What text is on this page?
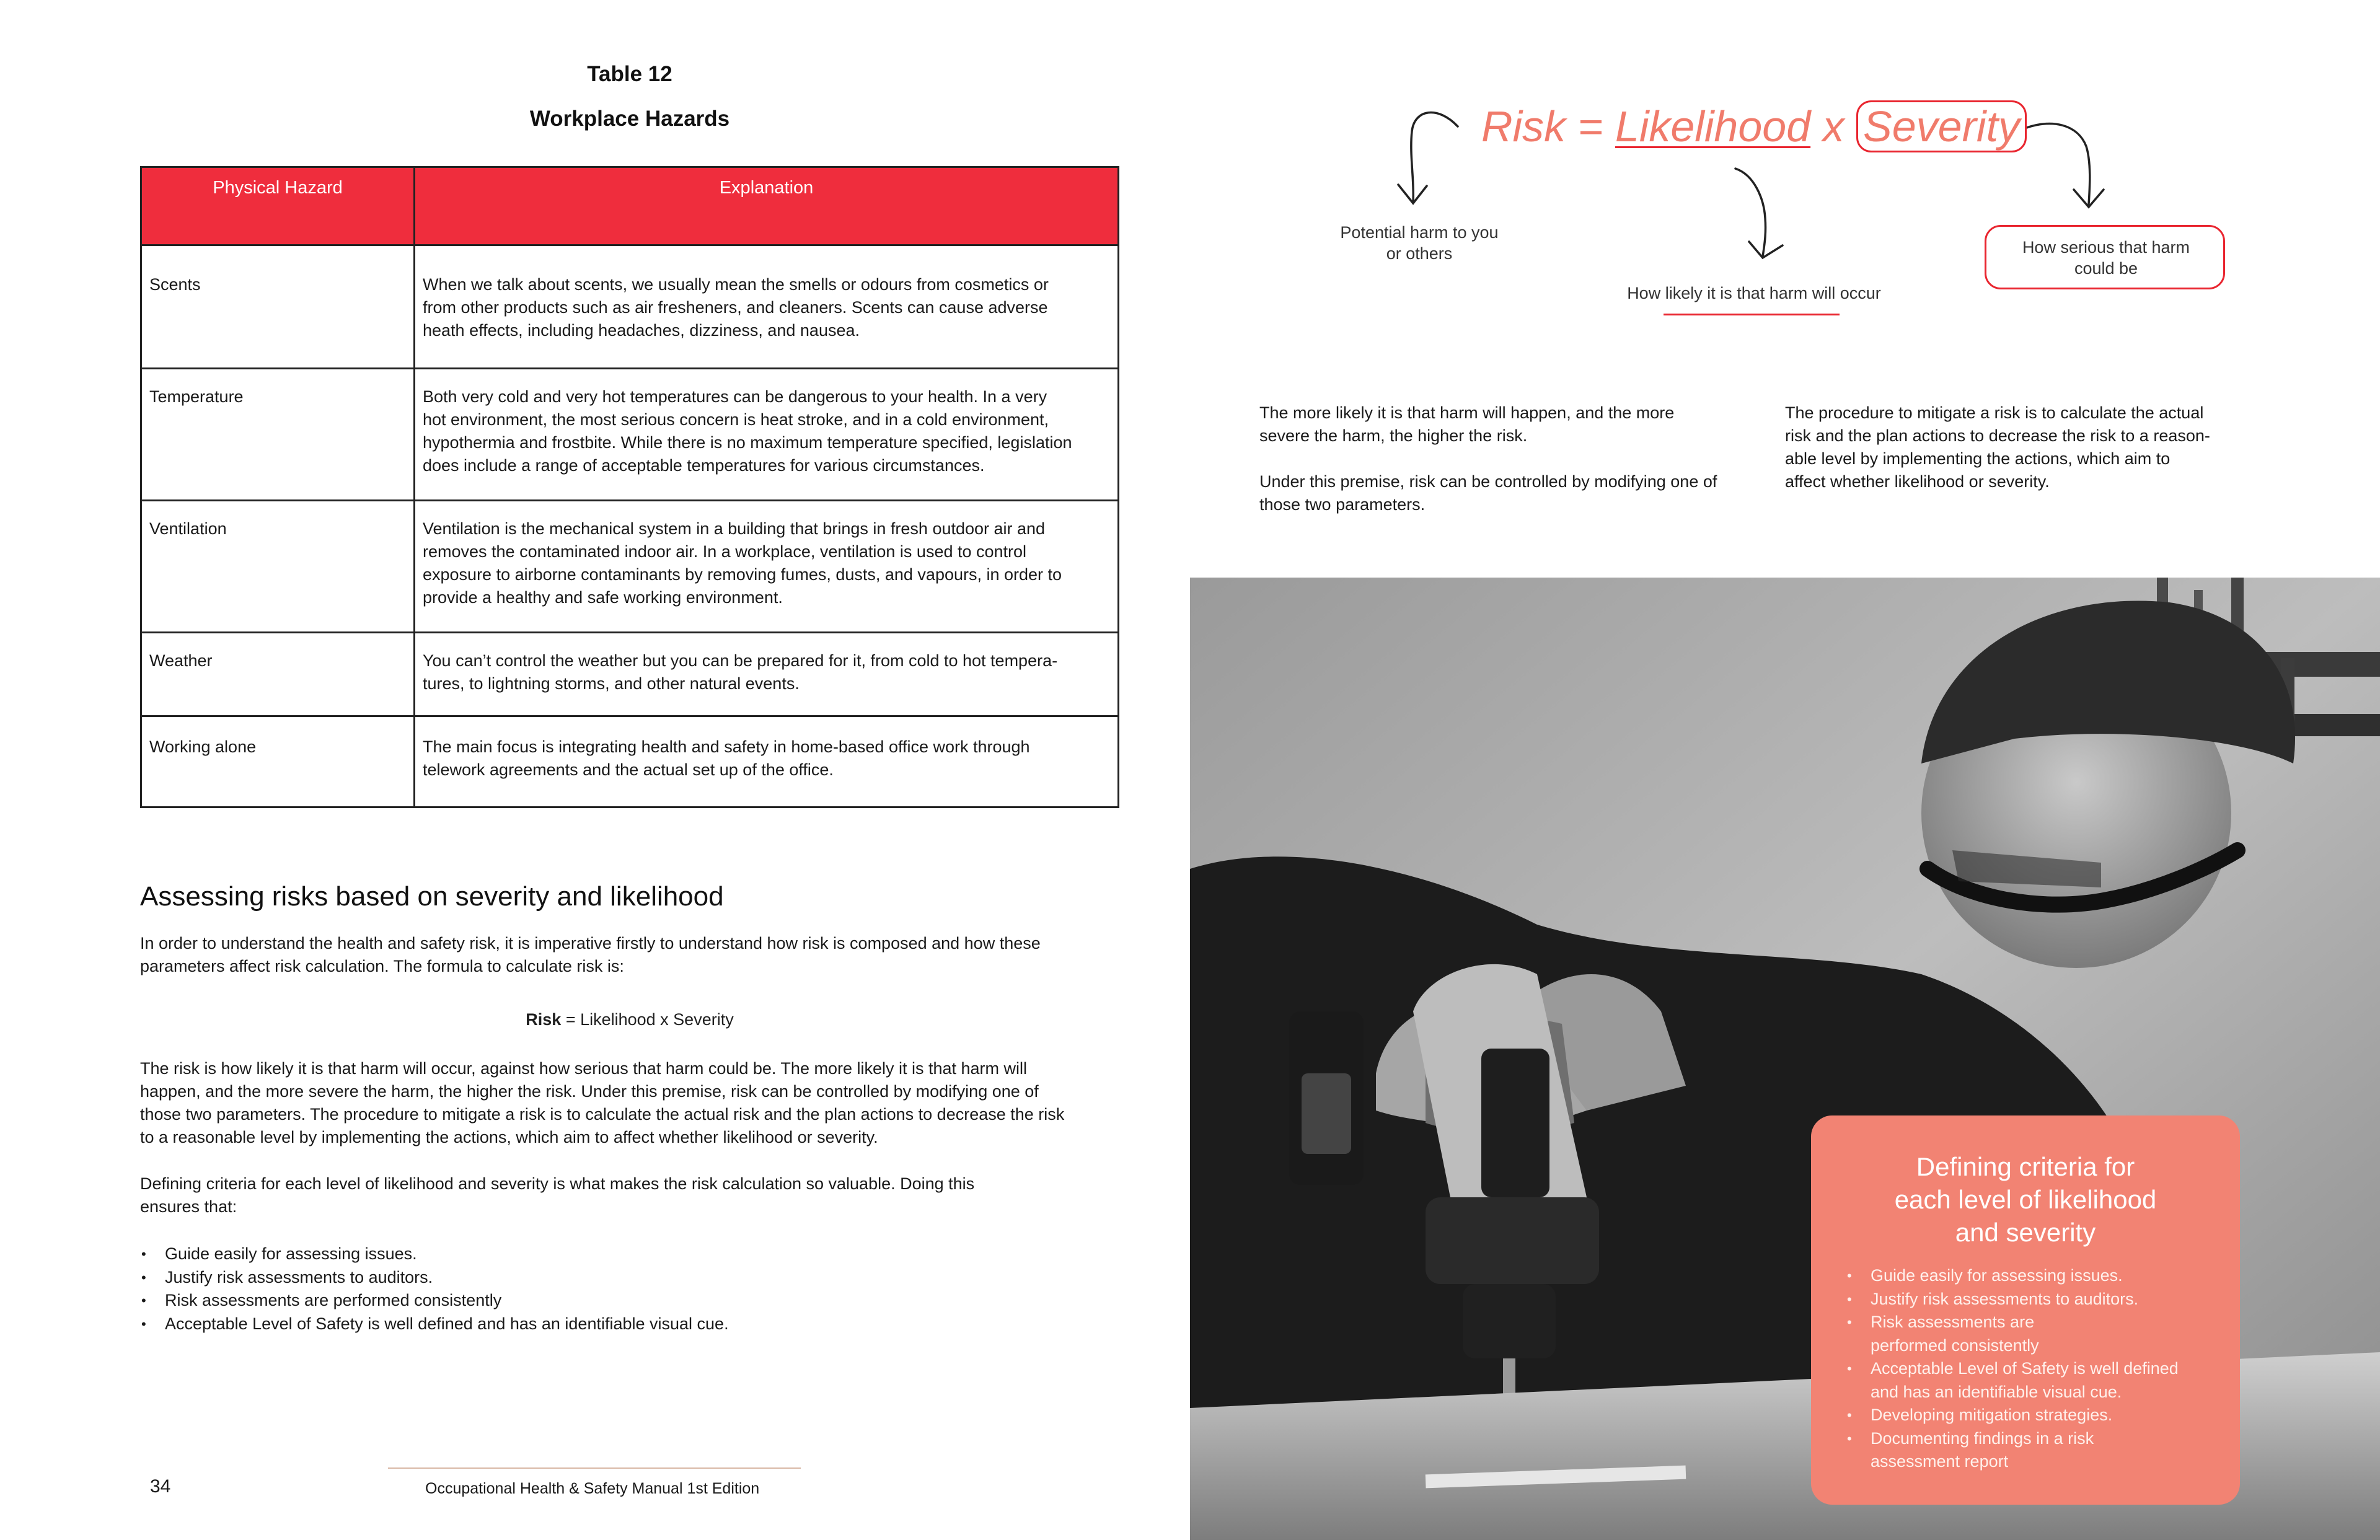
Table 12
Workplace Hazards
Physical Hazard	Explanation
Scents	When we talk about scents, we usually mean the smells or odours from cosmetics or
from other products such as air fresheners, and cleaners. Scents can cause adverse
heath effects, including headaches, dizziness, and nausea.

Temperature	Both very cold and very hot temperatures can be dangerous to your health. In a very
hot environment, the most serious concern is heat stroke, and in a cold environment,
hypothermia and frostbite. While there is no maximum temperature specified, legislation
does include a range of acceptable temperatures for various circumstances.

Ventilation	Ventilation is the mechanical system in a building that brings in fresh outdoor air and
removes the contaminated indoor air. In a workplace, ventilation is used to control
exposure to airborne contaminants by removing fumes, dusts, and vapours, in order to
provide a healthy and safe working environment.

Weather	You can’t control the weather but you can be prepared for it, from cold to hot tempera-
tures, to lightning storms, and other natural events.

Working alone	The main focus is integrating health and safety in home-based office work through
telework agreements and the actual set up of the office.
Assessing risks based on severity and likelihood
In order to understand the health and safety risk, it is imperative firstly to understand how risk is composed and how these
parameters affect risk calculation. The formula to calculate risk is:
Risk = Likelihood x Severity
The risk is how likely it is that harm will occur, against how serious that harm could be. The more likely it is that harm will
happen, and the more severe the harm, the higher the risk. Under this premise, risk can be controlled by modifying one of
those two parameters. The procedure to mitigate a risk is to calculate the actual risk and the plan actions to decrease the risk
to a reasonable level by implementing the actions, which aim to affect whether likelihood or severity.
Defining criteria for each level of likelihood and severity is what makes the risk calculation so valuable. Doing this
ensures that:
• Guide easily for assessing issues.
• Justify risk assessments to auditors.
• Risk assessments are performed consistently
• Acceptable Level of Safety is well defined and has an identifiable visual cue.
34	Occupational Health & Safety Manual 1st Edition
Risk = Likelihood x Severity
Potential harm to you
or others
How likely it is that harm will occur
How serious that harm
could be
The more likely it is that harm will happen, and the more
severe the harm, the higher the risk.
Under this premise, risk can be controlled by modifying one of
those two parameters.
The procedure to mitigate a risk is to calculate the actual
risk and the plan actions to decrease the risk to a reason-
able level by implementing the actions, which aim to
affect whether likelihood or severity.
Defining criteria for
each level of likelihood
and severity
• Guide easily for assessing issues.
• Justify risk assessments to auditors.
• Risk assessments are
performed consistently
• Acceptable Level of Safety is well defined
and has an identifiable visual cue.
• Developing mitigation strategies.
• Documenting findings in a risk
assessment report
